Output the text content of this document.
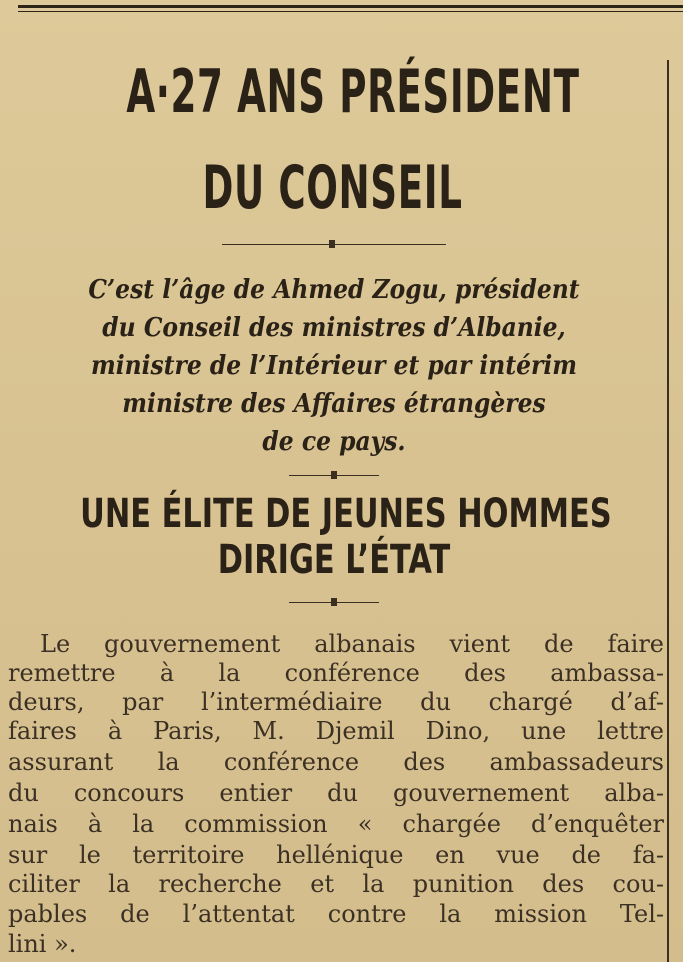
A·27 ANS PRÉSIDENT
DU CONSEIL
C’est l’âge de Ahmed Zogu, président
du Conseil des ministres d’Albanie,
ministre de l’Intérieur et par intérim
ministre des Affaires étrangères
de ce pays.
UNE ÉLITE DE JEUNES HOMMES
DIRIGE L’ÉTAT
Le gouvernement albanais vient de faire
remettre à la conférence des ambassa-
deurs, par l’intermédiaire du chargé d’af-
faires à Paris, M. Djemil Dino, une lettre
assurant la conférence des ambassadeurs
du concours entier du gouvernement alba-
nais à la commission « chargée d’enquêter
sur le territoire hellénique en vue de fa-
ciliter la recherche et la punition des cou-
pables de l’attentat contre la mission Tel-
lini ».
